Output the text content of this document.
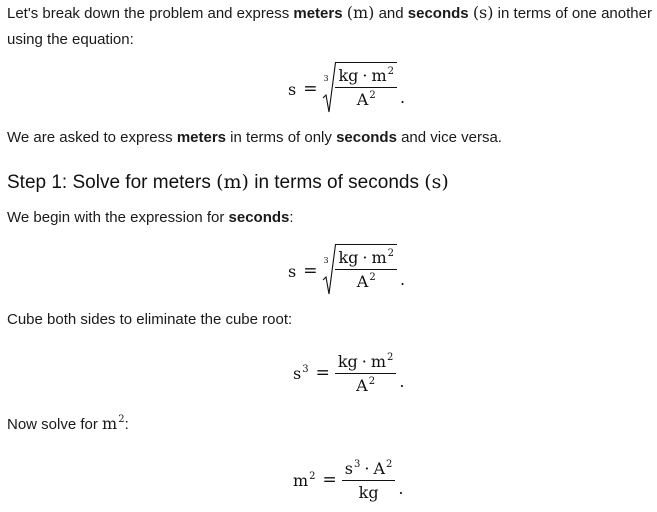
Let's break down the problem and express meters (m) and seconds (s) in terms of one another using the equation:

s =
$3 \frac{kg \cdot m^2}{A^2}$ .

We are asked to express meters in terms of only seconds and vice versa.

Step 1: Solve for meters (m) in terms of seconds (s)

We begin with the expression for seconds:

s =
$3 \frac{kg \cdot m^2}{A^2}$ .

Cube both sides to eliminate the cube root:

$s^3 = \frac{kg \cdot m^2}{A^2}$ .

Now solve for $m^2$:

$m^2 = \frac{s^3 \cdot A^2}{kg}$ .
